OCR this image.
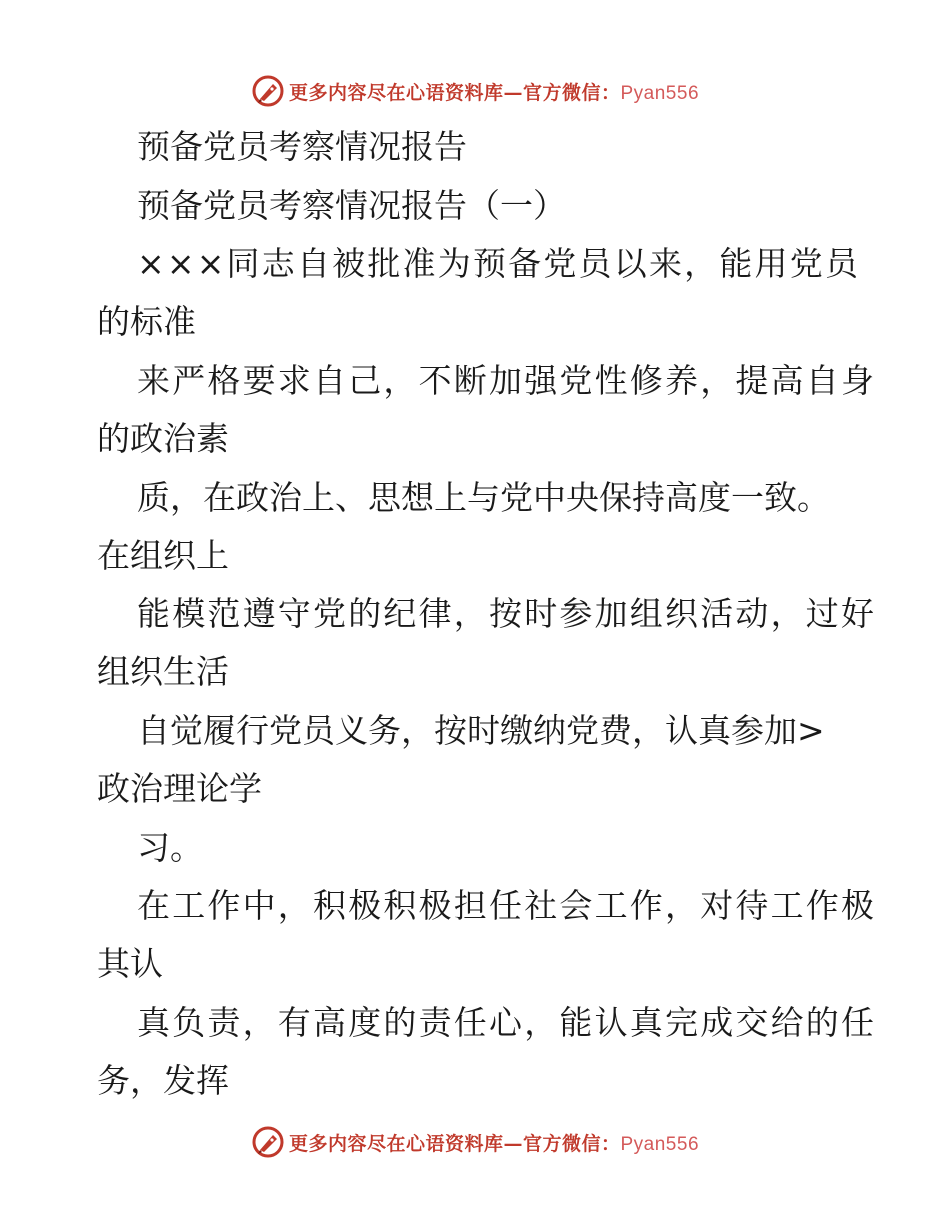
更多内容尽在心语资料库—官方微信：Pyan556
预备党员考察情况报告
预备党员考察情况报告（一）
×××同志自被批准为预备党员以来，能用党员
的标准
来严格要求自己，不断加强党性修养，提高自身
的政治素
质，在政治上、思想上与党中央保持高度一致。
在组织上
能模范遵守党的纪律，按时参加组织活动，过好
组织生活
自觉履行党员义务，按时缴纳党费，认真参加>
政治理论学
习。
在工作中，积极积极担任社会工作，对待工作极
其认
真负责，有高度的责任心，能认真完成交给的任
务，发挥
更多内容尽在心语资料库—官方微信：Pyan556
